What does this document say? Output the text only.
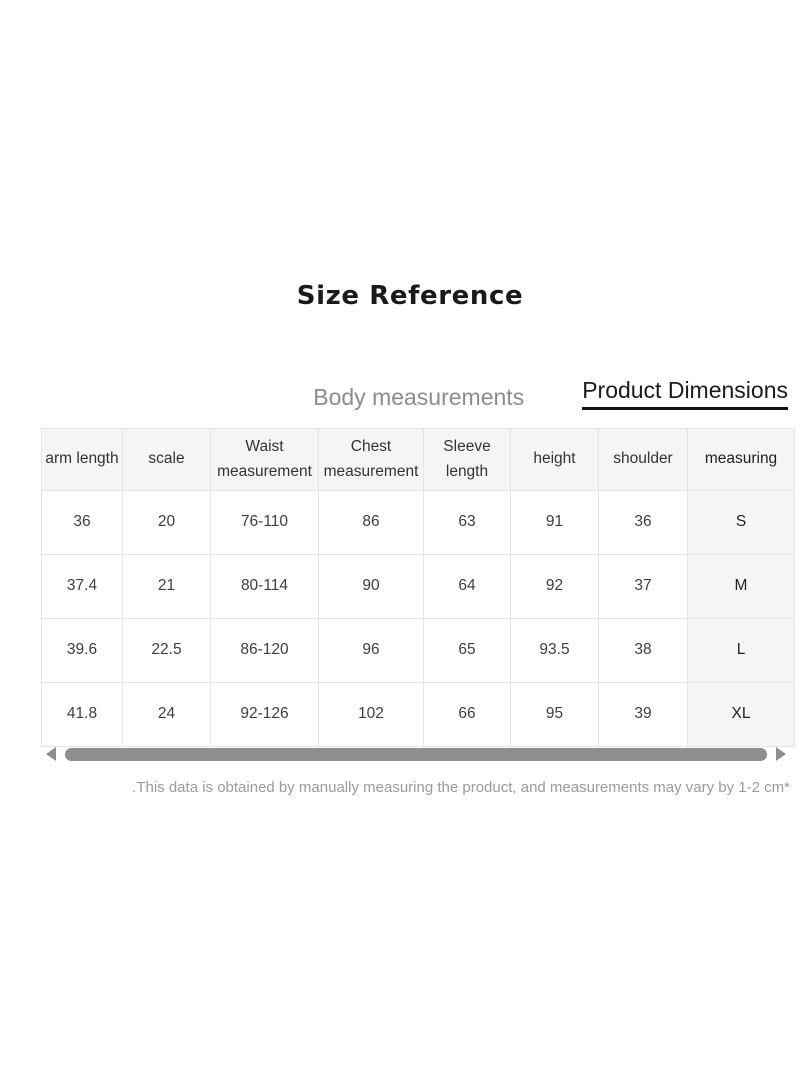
Size Reference
Body measurements	Product Dimensions
arm length	scale	Waist measurement	Chest measurement	Sleeve length	height	shoulder	measuring
36	20	76-110	86	63	91	36	S
37.4	21	80-114	90	64	92	37	M
39.6	22.5	86-120	96	65	93.5	38	L
41.8	24	92-126	102	66	95	39	XL

.This data is obtained by manually measuring the product, and measurements may vary by 1-2 cm*
